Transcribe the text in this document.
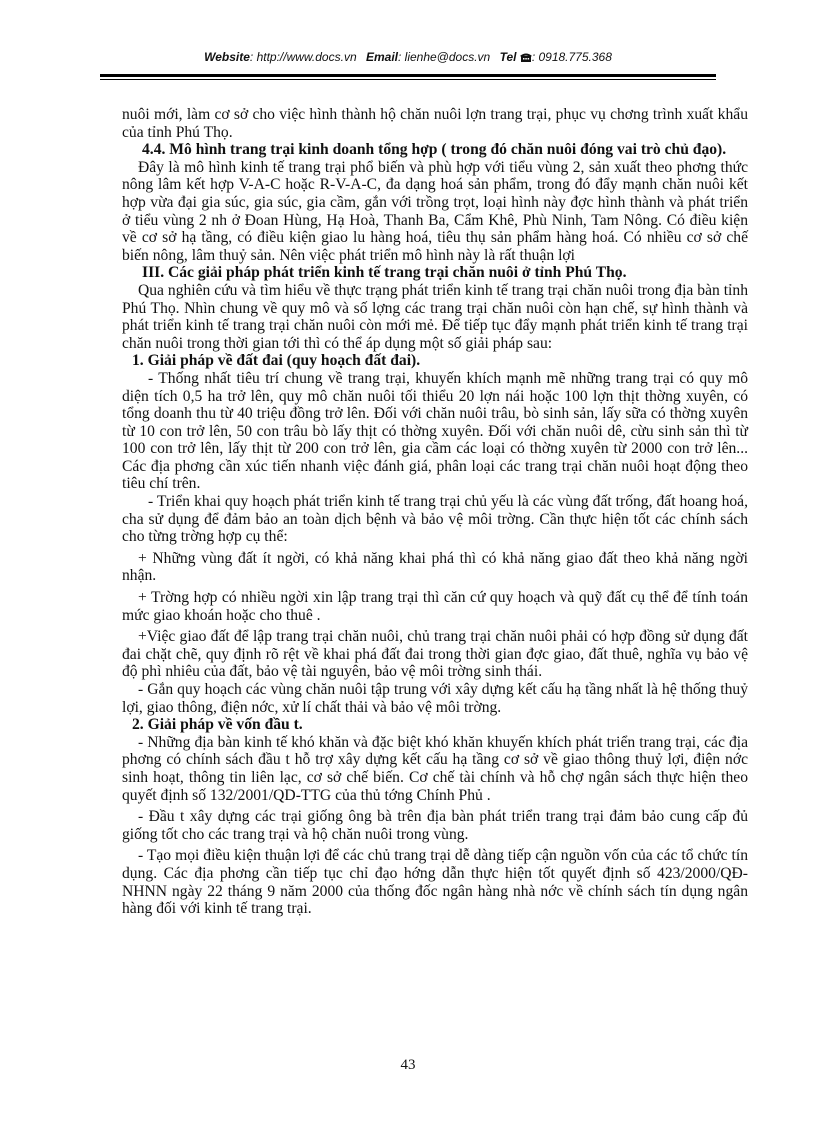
Website: http://www.docs.vn Email: lienhe@docs.vn Tel : 0918.775.368

nuôi mới, làm cơ sở cho việc hình thành hộ chăn nuôi lợn trang trại, phục vụ chơng trình xuất khẩu của tỉnh Phú Thọ.

4.4. Mô hình trang trại kinh doanh tổng hợp ( trong đó chăn nuôi đóng vai trò chủ đạo).

Đây là mô hình kinh tế trang trại phổ biến và phù hợp với tiểu vùng 2, sản xuất theo phơng thức nông lâm kết hợp V-A-C hoặc R-V-A-C, đa dạng hoá sản phẩm, trong đó đẩy mạnh chăn nuôi kết hợp vừa đại gia súc, gia súc, gia cầm, gắn với trồng trọt, loại hình này đợc hình thành và phát triển ở tiểu vùng 2 nh ở Đoan Hùng, Hạ Hoà, Thanh Ba, Cẩm Khê, Phù Ninh, Tam Nông. Có điều kiện về cơ sở hạ tầng, có điều kiện giao lu hàng hoá, tiêu thụ sản phẩm hàng hoá. Có nhiều cơ sở chế biến nông, lâm thuỷ sản. Nên việc phát triển mô hình này là rất thuận lợi

III. Các giải pháp phát triển kinh tế trang trại chăn nuôi ở tỉnh Phú Thọ.

Qua nghiên cứu và tìm hiểu về thực trạng phát triển kinh tế trang trại chăn nuôi trong địa bàn tỉnh Phú Thọ. Nhìn chung về quy mô và số lợng các trang trại chăn nuôi còn hạn chế, sự hình thành và phát triển kinh tế trang trại chăn nuôi còn mới mẻ. Để tiếp tục đẩy mạnh phát triển kinh tế trang trại chăn nuôi trong thời gian tới thì có thể áp dụng một số giải pháp sau:

1. Giải pháp về đất đai (quy hoạch đất đai).

- Thống nhất tiêu trí chung về trang trại, khuyến khích mạnh mẽ những trang trại có quy mô diện tích 0,5 ha trở lên, quy mô chăn nuôi tối thiểu 20 lợn nái hoặc 100 lợn thịt thờng xuyên, có tổng doanh thu từ 40 triệu đồng trở lên. Đối với chăn nuôi trâu, bò sinh sản, lấy sữa có thờng xuyên từ 10 con trở lên, 50 con trâu bò lấy thịt có thờng xuyên. Đối với chăn nuôi dê, cừu sinh sản thì từ 100 con trở lên, lấy thịt từ 200 con trở lên, gia cầm các loại có thờng xuyên từ 2000 con trở lên... Các địa phơng cần xúc tiến nhanh việc đánh giá, phân loại các trang trại chăn nuôi hoạt động theo tiêu chí trên.

- Triển khai quy hoạch phát triển kinh tế trang trại chủ yếu là các vùng đất trống, đất hoang hoá, cha sử dụng để đảm bảo an toàn dịch bệnh và bảo vệ môi trờng. Cần thực hiện tốt các chính sách cho từng trờng hợp cụ thể:

+ Những vùng đất ít ngời, có khả năng khai phá thì có khả năng giao đất theo khả năng ngời nhận.

+ Trờng hợp có nhiều ngời xin lập trang trại thì căn cứ quy hoạch và quỹ đất cụ thể để tính toán mức giao khoán hoặc cho thuê .

+Việc giao đất để lập trang trại chăn nuôi, chủ trang trại chăn nuôi phải có hợp đồng sử dụng đất đai chặt chẽ, quy định rõ rệt về khai phá đất đai trong thời gian đợc giao, đất thuê, nghĩa vụ bảo vệ độ phì nhiêu của đất, bảo vệ tài nguyên, bảo vệ môi trờng sinh thái.

- Gắn quy hoạch các vùng chăn nuôi tập trung với xây dựng kết cấu hạ tầng nhất là hệ thống thuỷ lợi, giao thông, điện nớc, xử lí chất thải và bảo vệ môi trờng.

2. Giải pháp về vốn đầu t.

- Những địa bàn kinh tế khó khăn và đặc biệt khó khăn khuyến khích phát triển trang trại, các địa phơng có chính sách đầu t hỗ trợ xây dựng kết cấu hạ tầng cơ sở về giao thông thuỷ lợi, điện nớc sinh hoạt, thông tin liên lạc, cơ sở chế biến. Cơ chế tài chính và hỗ chợ ngân sách thực hiện theo quyết định số 132/2001/QD-TTG của thủ tớng Chính Phủ .

- Đầu t xây dựng các trại giống ông bà trên địa bàn phát triển trang trại đảm bảo cung cấp đủ giống tốt cho các trang trại và hộ chăn nuôi trong vùng.

- Tạo mọi điều kiện thuận lợi để các chủ trang trại dễ dàng tiếp cận nguồn vốn của các tổ chức tín dụng. Các địa phơng cần tiếp tục chỉ đạo hớng dẫn thực hiện tốt quyết định số 423/2000/QĐ-NHNN ngày 22 tháng 9 năm 2000 của thống đốc ngân hàng nhà nớc về chính sách tín dụng ngân hàng đối với kinh tế trang trại.

43
